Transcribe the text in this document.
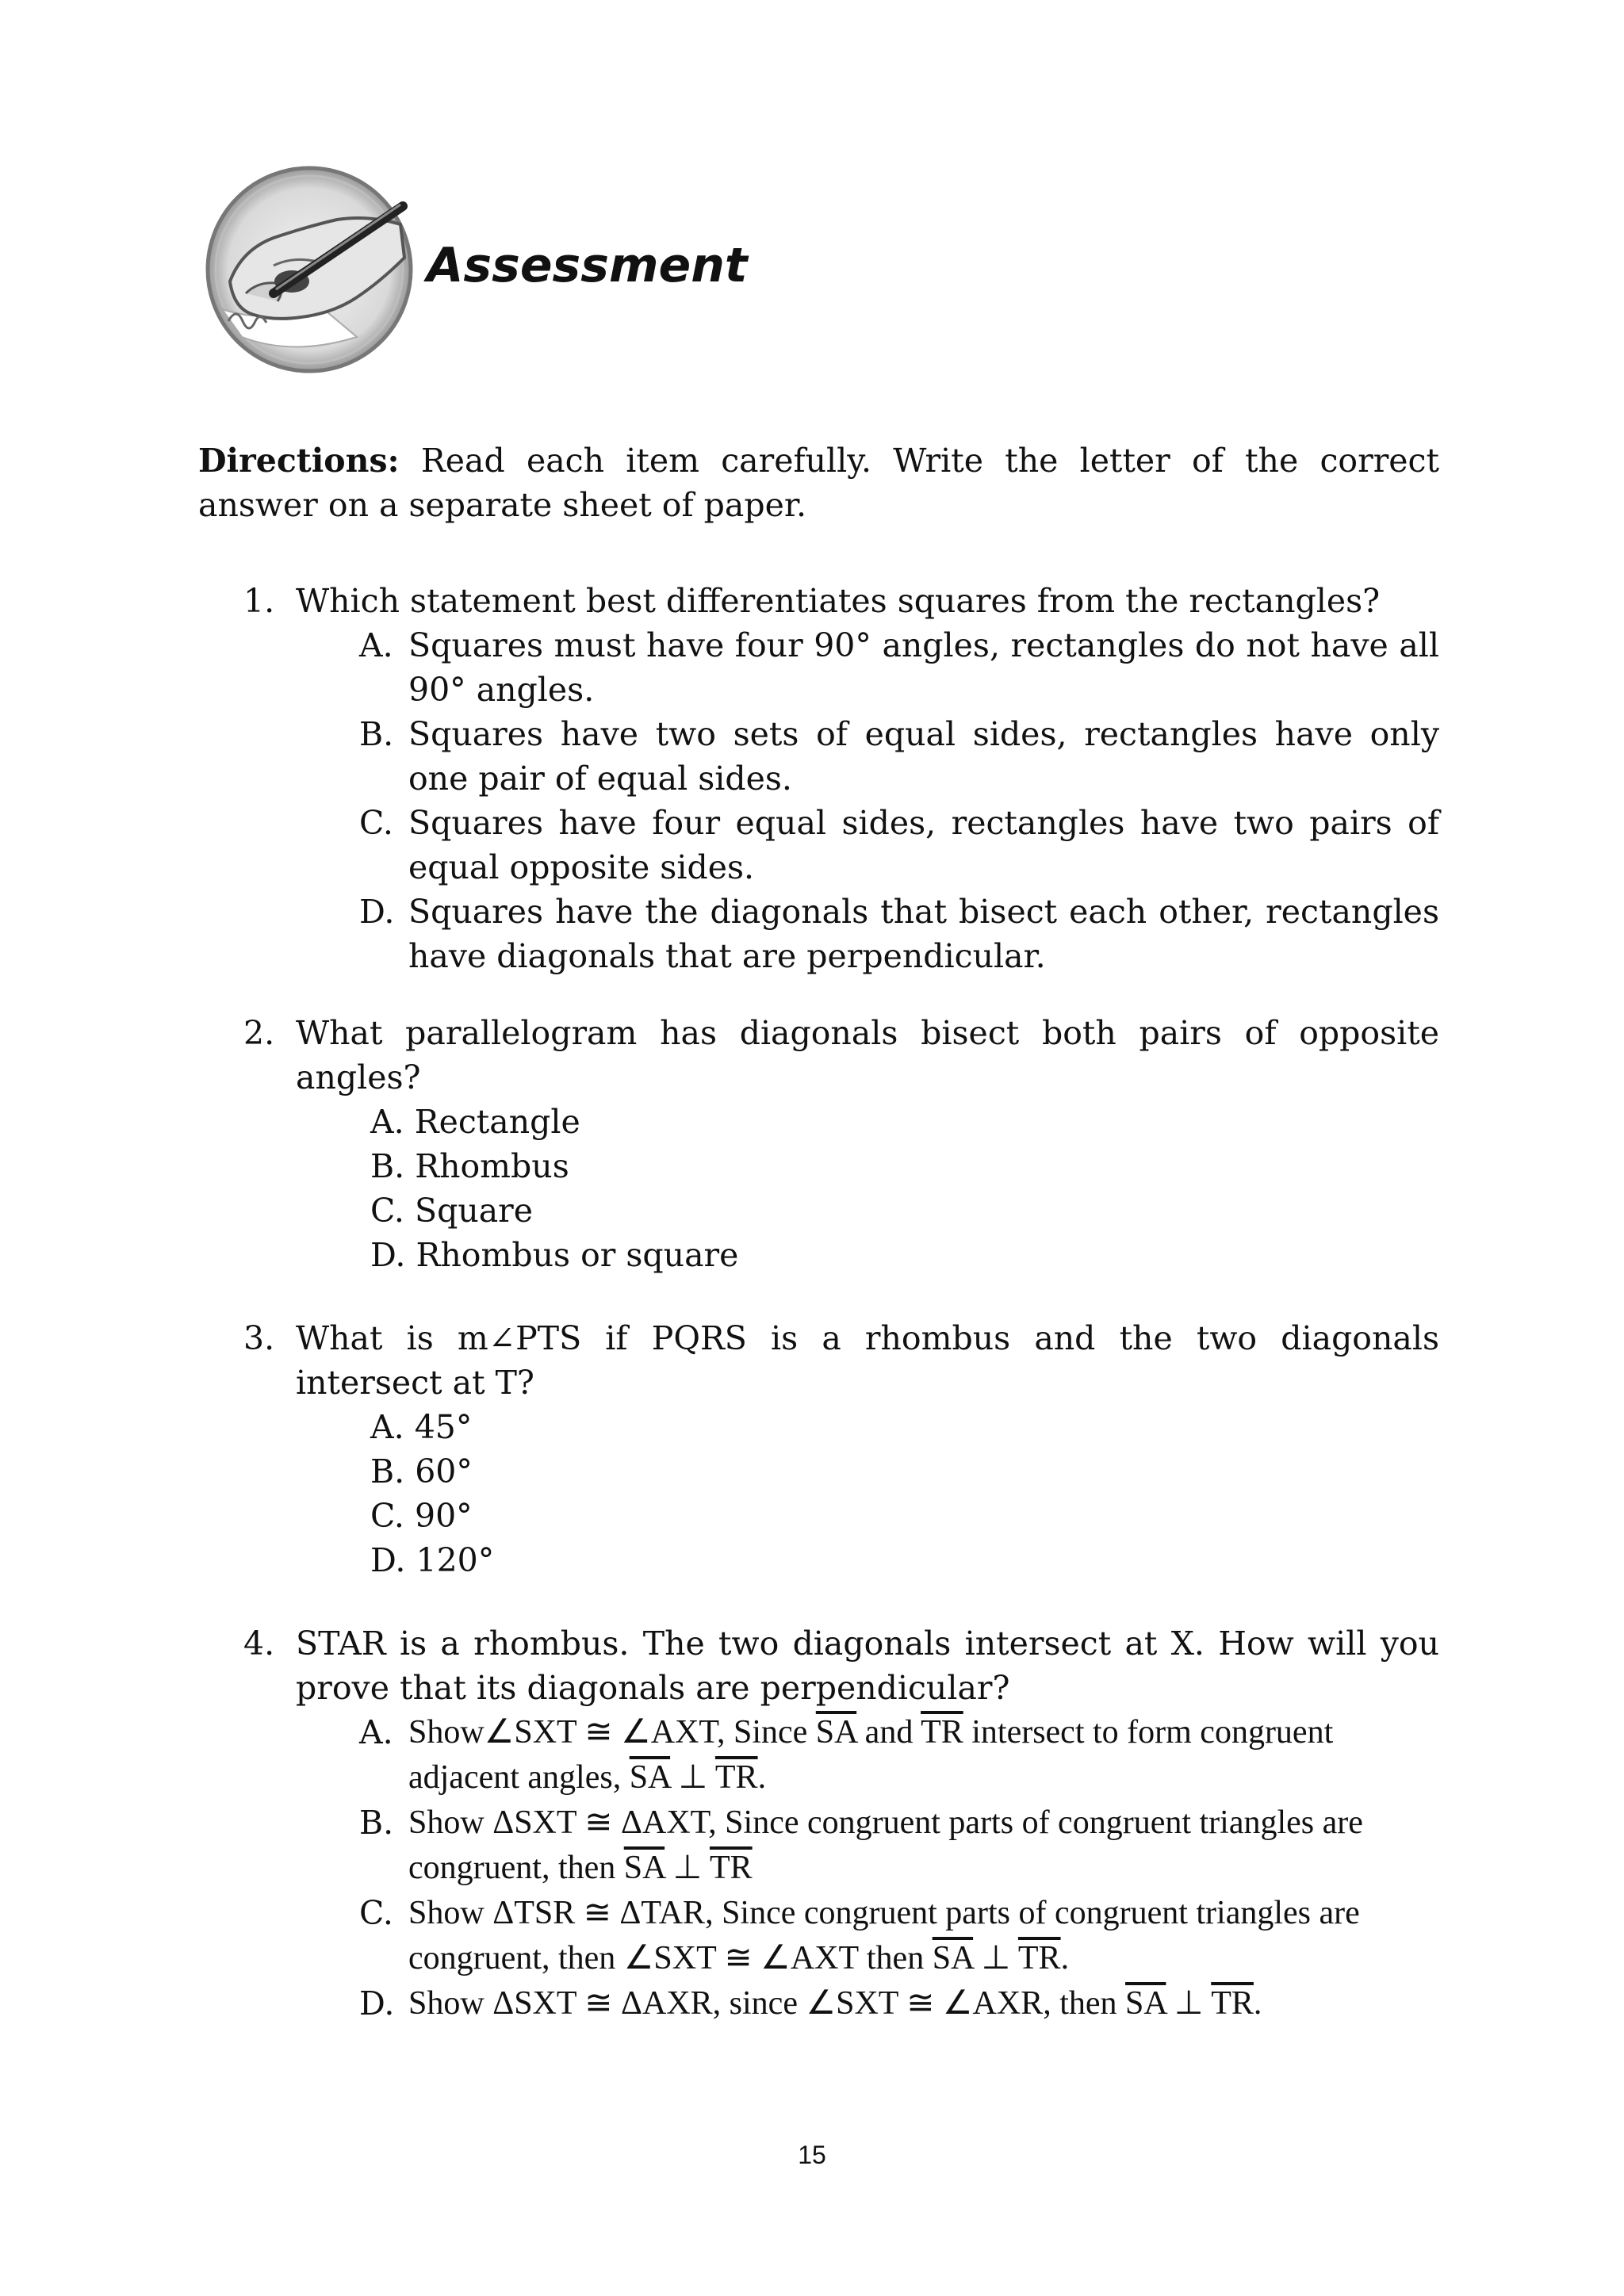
Assessment

Directions: Read each item carefully. Write the letter of the correct answer on a separate sheet of paper.

1. Which statement best differentiates squares from the rectangles?
A. Squares must have four 90° angles, rectangles do not have all 90° angles.
B. Squares have two sets of equal sides, rectangles have only one pair of equal sides.
C. Squares have four equal sides, rectangles have two pairs of equal opposite sides.
D. Squares have the diagonals that bisect each other, rectangles have diagonals that are perpendicular.
2. What parallelogram has diagonals bisect both pairs of opposite angles?
A. Rectangle
B. Rhombus
C. Square
D. Rhombus or square
3. What is m∠PTS if PQRS is a rhombus and the two diagonals intersect at T?
A. 45°
B. 60°
C. 90°
D. 120°
4. STAR is a rhombus. The two diagonals intersect at X. How will you prove that its diagonals are perpendicular?
A. Show∠SXT ≅ ∠AXT, Since $\overline{SA}$ and $\overline{TR}$ intersect to form congruent adjacent angles, $\overline{SA}$ ⊥ $\overline{TR}$.
B. Show ΔSXT ≅ ΔAXT, Since congruent parts of congruent triangles are congruent, then $\overline{SA}$ ⊥ $\overline{TR}$
C. Show ΔTSR ≅ ΔTAR, Since congruent parts of congruent triangles are congruent, then ∠SXT ≅ ∠AXT then $\overline{SA}$ ⊥ $\overline{TR}$.
D. Show ΔSXT ≅ ΔAXR, since ∠SXT ≅ ∠AXR, then $\overline{SA}$ ⊥ $\overline{TR}$.

15
